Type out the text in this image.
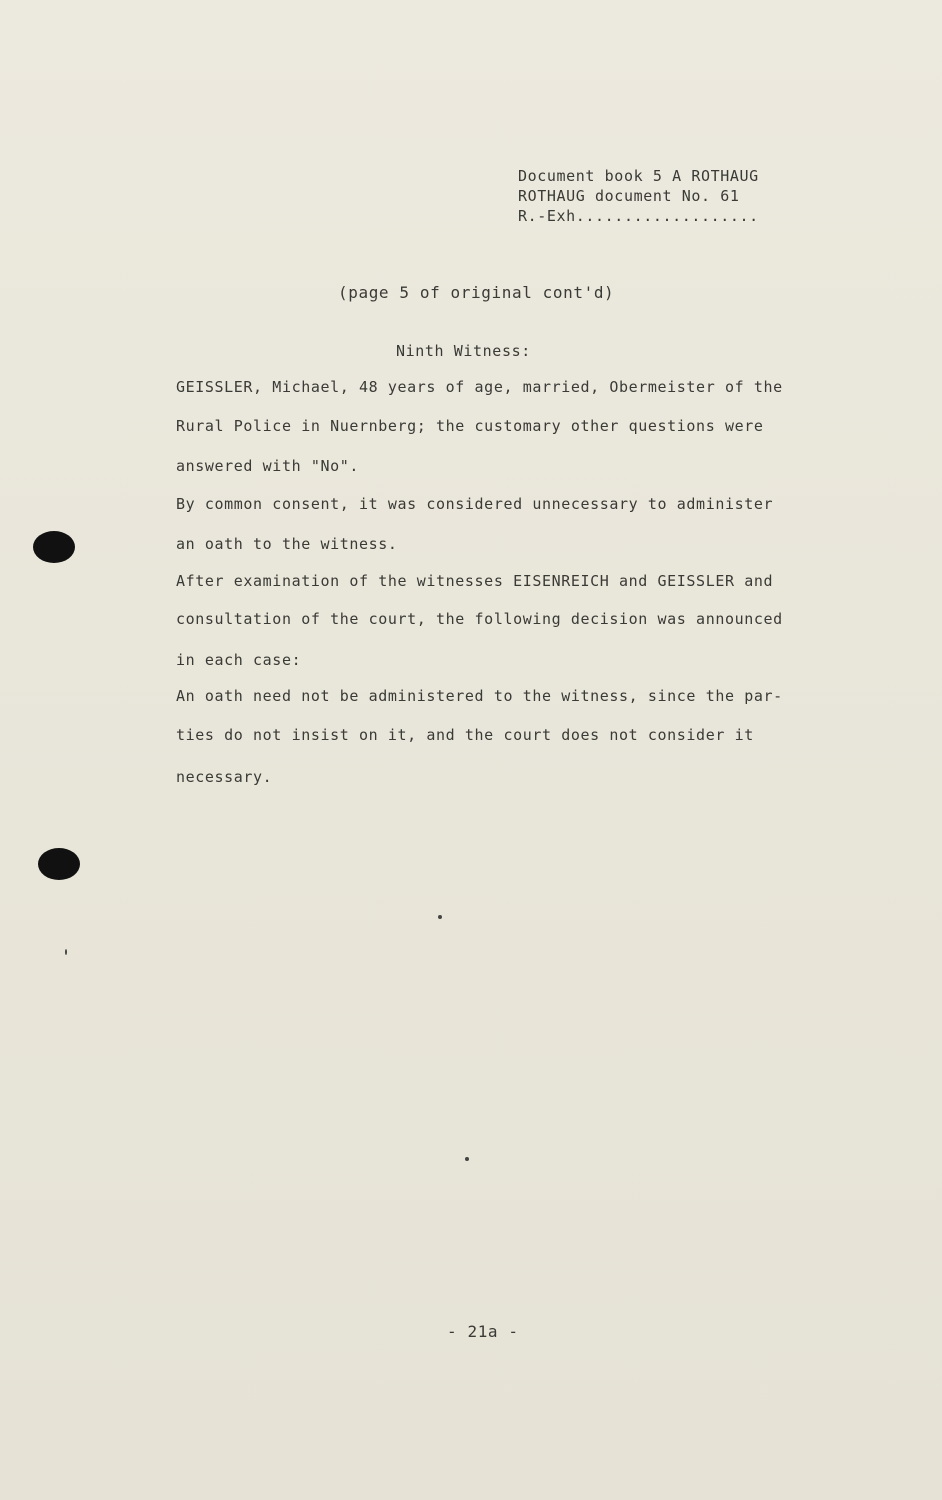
Document book 5 A ROTHAUG
ROTHAUG document No. 61
R.-Exh...................
(page 5 of original cont'd)
Ninth Witness:
GEISSLER, Michael, 48 years of age, married, Obermeister of the
Rural Police in Nuernberg; the customary other questions were
answered with "No".
By common consent, it was considered unnecessary to administer
an oath to the witness.
After examination of the witnesses EISENREICH and GEISSLER and
consultation of the court, the following decision was announced
in each case:
An oath need not be administered to the witness, since the par-
ties do not insist on it, and the court does not consider it
necessary.
- 21a -
